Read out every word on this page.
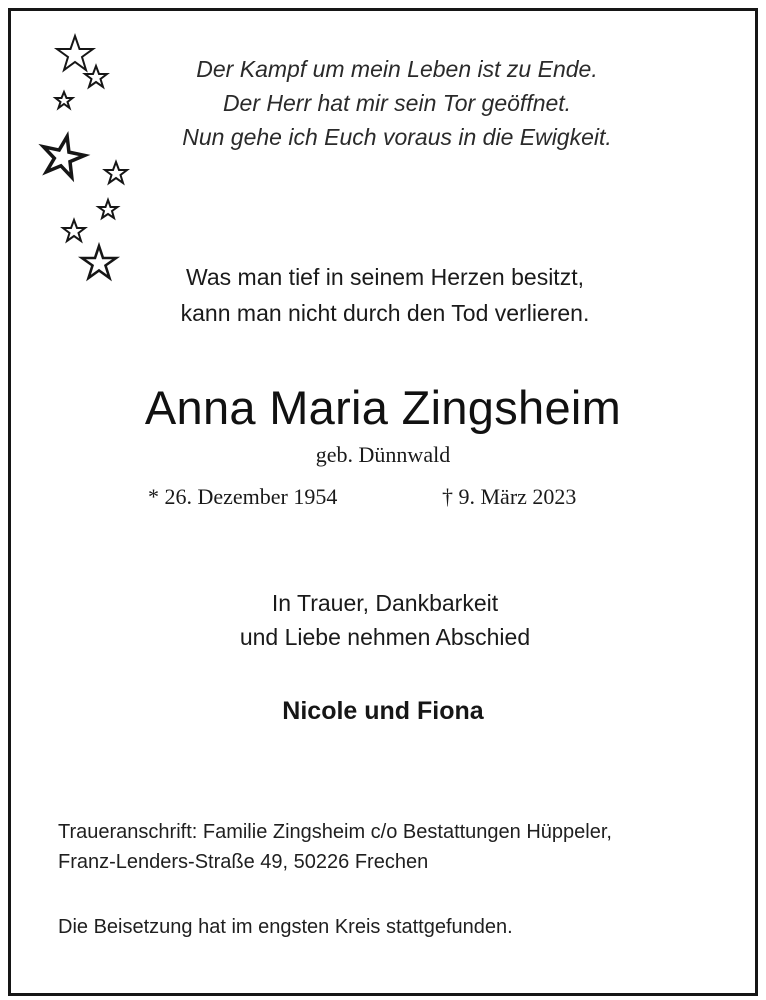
Der Kampf um mein Leben ist zu Ende.
Der Herr hat mir sein Tor geöffnet.
Nun gehe ich Euch voraus in die Ewigkeit.
Was man tief in seinem Herzen besitzt,
kann man nicht durch den Tod verlieren.
Anna Maria Zingsheim
geb. Dünnwald
* 26. Dezember 1954	† 9. März 2023
In Trauer, Dankbarkeit
und Liebe nehmen Abschied
Nicole und Fiona
Traueranschrift: Familie Zingsheim c/o Bestattungen Hüppeler,
Franz-Lenders-Straße 49, 50226 Frechen
Die Beisetzung hat im engsten Kreis stattgefunden.
